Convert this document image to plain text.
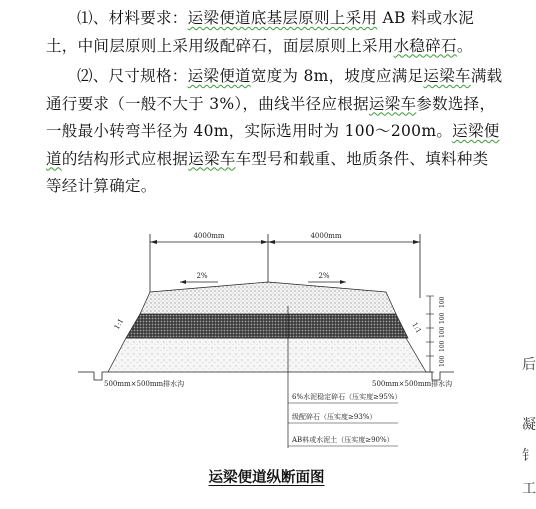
⑴、材料要求：运梁便道底基层原则上采用 AB 料或水泥土，中间层原则上采用级配碎石，面层原则上采用水稳碎石。

⑵、尺寸规格：运梁便道宽度为 8m，坡度应满足运梁车满载通行要求（一般不大于 3%），曲线半径应根据运梁车参数选择，一般最小转弯半径为 40m，实际选用时为 100～200m。运梁便道的结构形式应根据运梁车车型号和载重、地质条件、填料种类等经计算确定。

4000mm	4000mm
2%	2%
1:1	1:1
500mm×500mm排水沟	500mm×500mm排水沟
100
100
100
100
100
6%水泥稳定碎石（压实度≥95%）
级配碎石（压实度≥93%）
AB料或水泥土（压实度≥90%）
运梁便道纵断面图
后
凝
钅
工
